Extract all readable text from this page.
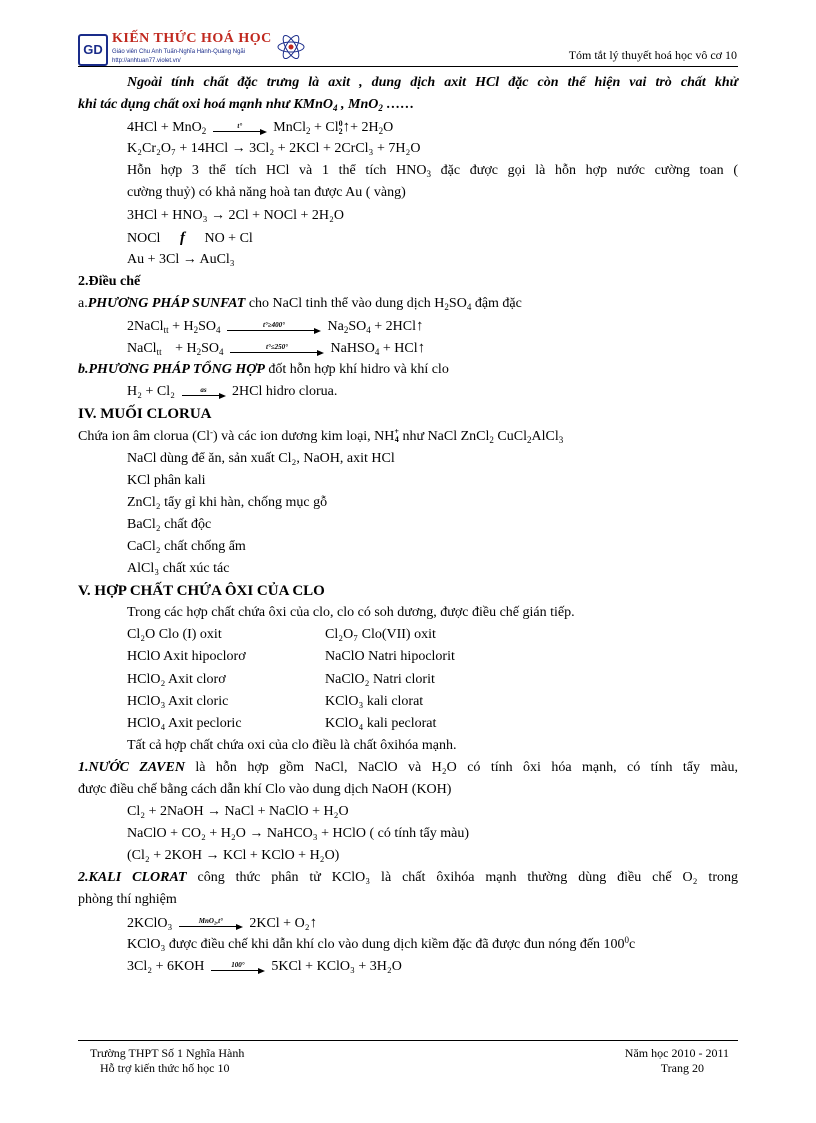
GD
KIẾN THỨC HOÁ HỌC
Giáo viên Chu Anh Tuấn-Nghĩa Hành-Quảng Ngãi
http://anhtuan77.violet.vn/	Tóm tắt lý thuyết hoá học vô cơ 10
Ngoài tính chất đặc trưng là axit , dung dịch axit HCl đặc còn thể hiện vai trò chất khử
khi tác dụng chất oxi hoá mạnh như KMnO$_4$ , MnO$_2$ ……
4HCl + MnO$_2$
t°	MnCl$_2$ + Cl0
2↑+ $2H_2O$
K₂Cr₂O₇ + 14HCl → 3Cl₂ + 2KCl + 2CrCl₃ + 7H₂O
Hỗn hợp 3 thể tích HCl và 1 thể tích $HNO_3$ đặc được gọi là hỗn hợp nước cường toan (
cường thuỷ) có khả năng hoà tan được Au ( vàng)
3HCl + HNO₃ → 2Cl + NOCl + 2H₂O
NOCl f NO + Cl
Au + 3Cl → AuCl₃
2.Điều chế
a.PHƯƠNG PHÁP SUNFAT cho NaCl tinh thể vào dung dịch $H_2SO_4$ đậm đặc
2NaCl$_{tt}$ + $H_2SO_4$
t°≥400°	$Na_2SO_4$ + 2HCl↑
NaCl$_{tt}$ + $H_2SO_4$
t°≤250°	NaHSO$_4$ + HCl↑
b.PHƯƠNG PHÁP TỔNG HỢP đốt hỗn hợp khí hidro và khí clo
H₂ + Cl₂	as	2HCl hidro clorua.
IV. MUỐI CLORUA
Chứa ion âm clorua (Cl-) và các ion dương kim loại, NH+
4 như NaCl ZnCl$_2$ CuCl$_2$AlCl$_3$
NaCl dùng để ăn, sản xuất Cl₂, NaOH, axit HCl
KCl phân kali
ZnCl₂ tẩy gỉ khi hàn, chống mục gỗ
BaCl₂ chất độc
CaCl₂ chất chống ẩm
AlCl₃ chất xúc tác
V. HỢP CHẤT CHỨA ÔXI CỦA CLO
Trong các hợp chất chứa ôxi của clo, clo có soh dương, được điều chế gián tiếp.
Cl₂O Clo (I) oxit	Cl₂O₇ Clo(VII) oxit
HClO Axit hipoclorơ	NaClO Natri hipoclorit
HClO₂ Axit clorơ	NaClO₂ Natri clorit
HClO₃ Axit cloric	KClO₃ kali clorat
HClO₄ Axit pecloric	KClO₄ kali peclorat
Tất cả hợp chất chứa oxi của clo điều là chất ôxihóa mạnh.
1.NƯỚC ZAVEN là hỗn hợp gồm NaCl, NaClO và H₂O có tính ôxi hóa mạnh, có tính tẩy màu,
được điều chế bằng cách dẫn khí Clo vào dung dịch NaOH (KOH)
Cl₂ + 2NaOH → NaCl + NaClO + H₂O
NaClO + CO₂ + H₂O → NaHCO₃ + HClO ( có tính tẩy màu)
(Cl₂ + 2KOH → KCl + KClO + H₂O)
2.KALI CLORAT công thức phân tử KClO₃ là chất ôxihóa mạnh thường dùng điều chế O₂ trong
phòng thí nghiệm
2KClO₃	MnO₂,t°	2KCl + O₂↑
KClO₃ được điều chế khi dẫn khí clo vào dung dịch kiềm đặc đã được đun nóng đến $100^0c$
3Cl₂ + 6KOH	100°	5KCl + KClO₃ + 3H₂O
Trường THPT Số 1 Nghĩa Hành
Hỗ trợ kiến thức hố học 10
Năm học 2010 - 2011
Trang 20
